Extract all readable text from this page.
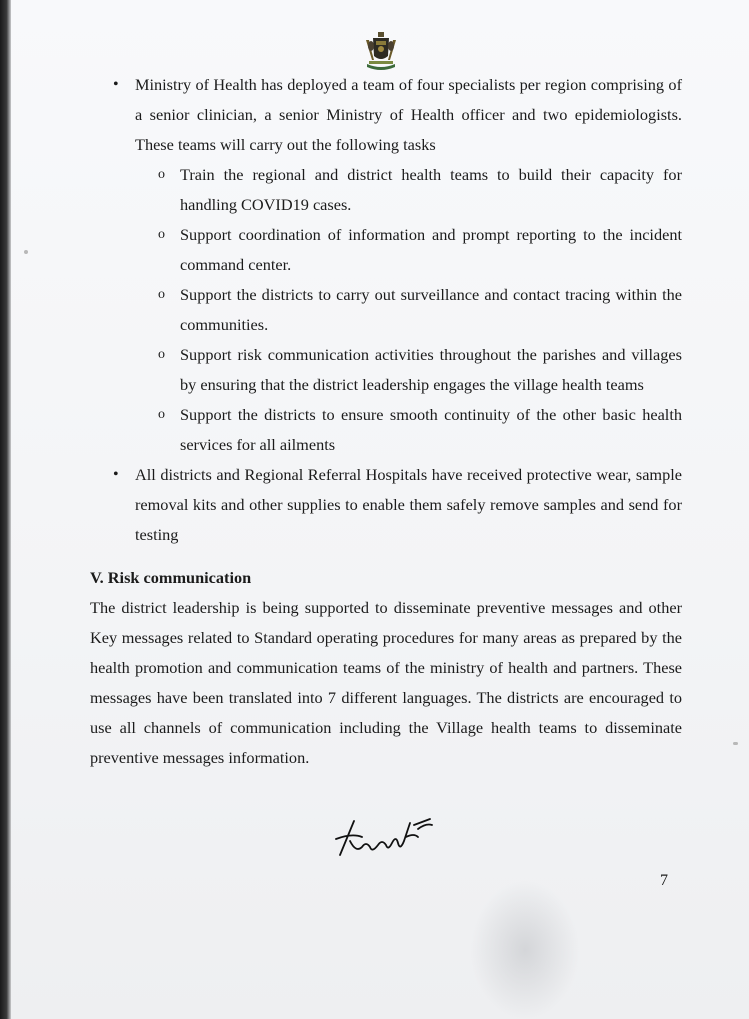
• Ministry of Health has deployed a team of four specialists per region comprising of a senior clinician, a senior Ministry of Health officer and two epidemiologists. These teams will carry out the following tasks
o Train the regional and district health teams to build their capacity for handling COVID19 cases.
o Support coordination of information and prompt reporting to the incident command center.
o Support the districts to carry out surveillance and contact tracing within the communities.
o Support risk communication activities throughout the parishes and villages by ensuring that the district leadership engages the village health teams
o Support the districts to ensure smooth continuity of the other basic health services for all ailments
• All districts and Regional Referral Hospitals have received protective wear, sample removal kits and other supplies to enable them safely remove samples and send for testing
V. Risk communication
The district leadership is being supported to disseminate preventive messages and other Key messages related to Standard operating procedures for many areas as prepared by the health promotion and communication teams of the ministry of health and partners. These messages have been translated into 7 different languages. The districts are encouraged to use all channels of communication including the Village health teams to disseminate preventive messages information.
7
